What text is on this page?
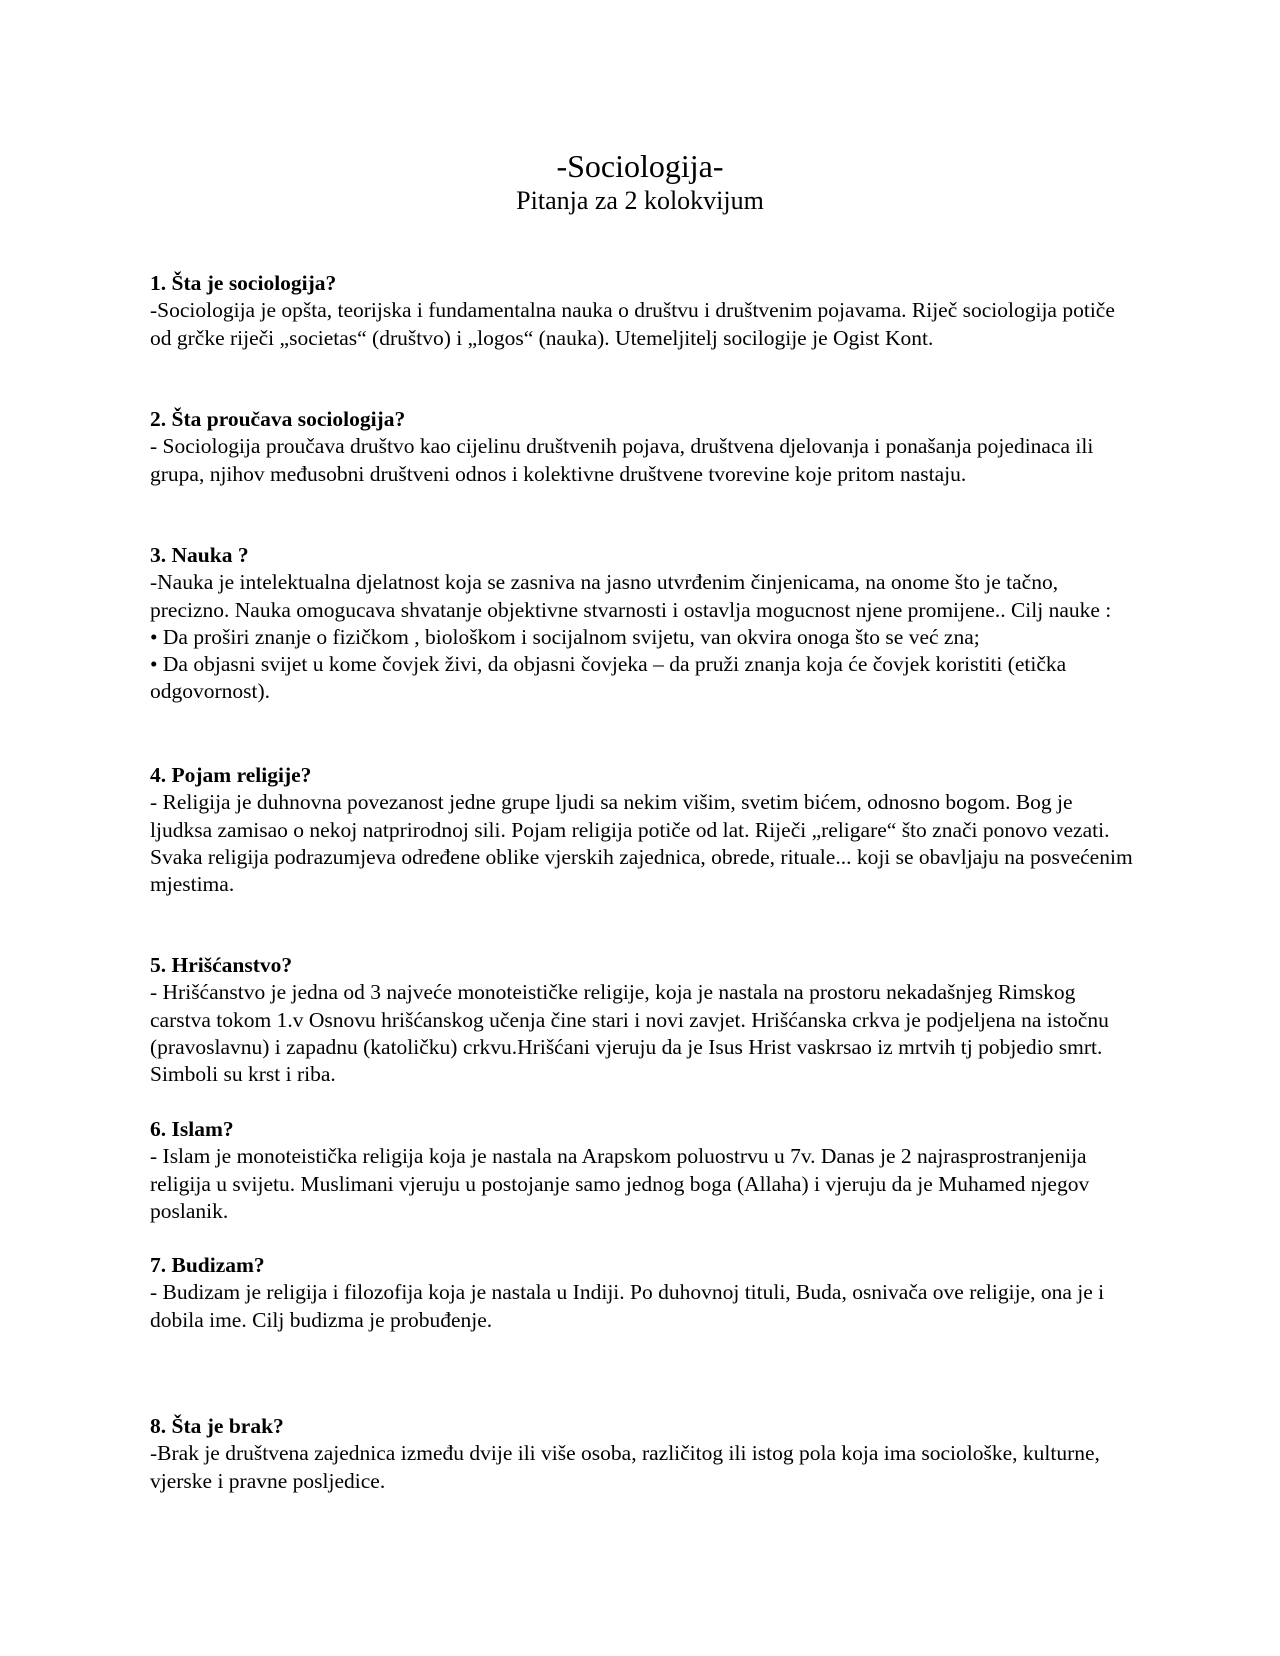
-Sociologija-
Pitanja za 2 kolokvijum
1. Šta je sociologija?
-Sociologija je opšta, teorijska i fundamentalna nauka o društvu i društvenim pojavama. Riječ sociologija potiče od grčke riječi „societas“ (društvo) i „logos“ (nauka). Utemeljitelj socilogije je Ogist Kont.
2. Šta proučava sociologija?
- Sociologija proučava društvo kao cijelinu društvenih pojava, društvena djelovanja i ponašanja pojedinaca ili grupa, njihov međusobni društveni odnos i kolektivne društvene tvorevine koje pritom nastaju.
3. Nauka ?
-Nauka je intelektualna djelatnost koja se zasniva na jasno utvrđenim činjenicama, na onome što je tačno, precizno. Nauka omogucava shvatanje objektivne stvarnosti i ostavlja mogucnost njene promijene.. Cilj nauke :
• Da proširi znanje o fizičkom , biološkom i socijalnom svijetu, van okvira onoga što se već zna;
• Da objasni svijet u kome čovjek živi, da objasni čovjeka – da pruži znanja koja će čovjek koristiti (etička odgovornost).
4. Pojam religije?
- Religija je duhnovna povezanost jedne grupe ljudi sa nekim višim, svetim bićem, odnosno bogom. Bog je ljudksa zamisao o nekoj natprirodnoj sili. Pojam religija potiče od lat. Riječi „religare“ što znači ponovo vezati. Svaka religija podrazumjeva određene oblike vjerskih zajednica, obrede, rituale... koji se obavljaju na posvećenim mjestima.
5. Hrišćanstvo?
- Hrišćanstvo je jedna od 3 najveće monoteističke religije, koja je nastala na prostoru nekadašnjeg Rimskog carstva tokom 1.v Osnovu hrišćanskog učenja čine stari i novi zavjet. Hrišćanska crkva je podjeljena na istočnu (pravoslavnu) i zapadnu (katoličku) crkvu.Hrišćani vjeruju da je Isus Hrist vaskrsao iz mrtvih tj pobjedio smrt. Simboli su krst i riba.
6. Islam?
- Islam je monoteistička religija koja je nastala na Arapskom poluostrvu u 7v. Danas je 2 najrasprostranjenija religija u svijetu. Muslimani vjeruju u postojanje samo jednog boga (Allaha) i vjeruju da je Muhamed njegov poslanik.
7. Budizam?
- Budizam je religija i filozofija koja je nastala u Indiji. Po duhovnoj tituli, Buda, osnivača ove religije, ona je i dobila ime. Cilj budizma je probuđenje.
8. Šta je brak?
-Brak je društvena zajednica između dvije ili više osoba, različitog ili istog pola koja ima sociološke, kulturne, vjerske i pravne posljedice.
